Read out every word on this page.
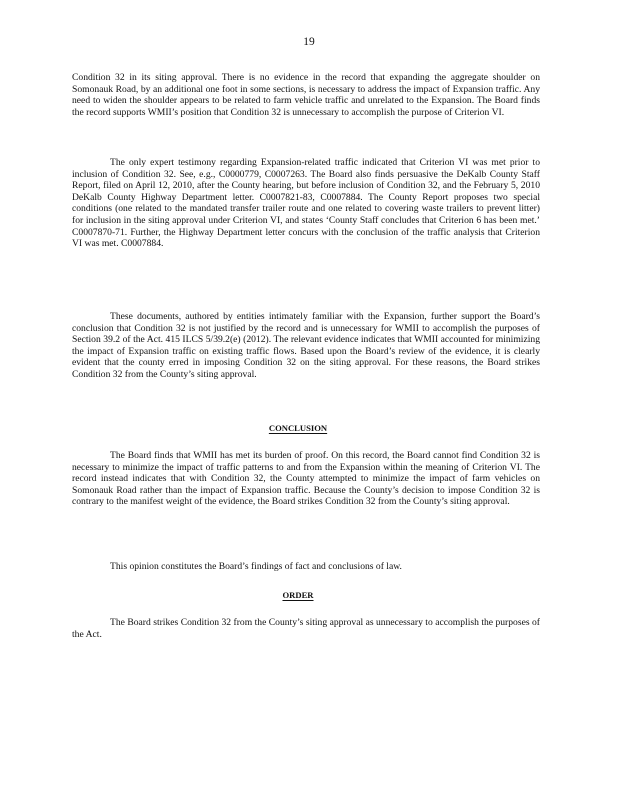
19

Condition 32 in its siting approval. There is no evidence in the record that expanding the aggregate shoulder on Somonauk Road, by an additional one foot in some sections, is necessary to address the impact of Expansion traffic. Any need to widen the shoulder appears to be related to farm vehicle traffic and unrelated to the Expansion. The Board finds the record supports WMII’s position that Condition 32 is unnecessary to accomplish the purpose of Criterion VI.

The only expert testimony regarding Expansion-related traffic indicated that Criterion VI was met prior to inclusion of Condition 32. See, e.g., C0000779, C0007263. The Board also finds persuasive the DeKalb County Staff Report, filed on April 12, 2010, after the County hearing, but before inclusion of Condition 32, and the February 5, 2010 DeKalb County Highway Department letter. C0007821-83, C0007884. The County Report proposes two special conditions (one related to the mandated transfer trailer route and one related to covering waste trailers to prevent litter) for inclusion in the siting approval under Criterion VI, and states ‘County Staff concludes that Criterion 6 has been met.’ C0007870-71. Further, the Highway Department letter concurs with the conclusion of the traffic analysis that Criterion VI was met. C0007884.

These documents, authored by entities intimately familiar with the Expansion, further support the Board’s conclusion that Condition 32 is not justified by the record and is unnecessary for WMII to accomplish the purposes of Section 39.2 of the Act. 415 ILCS 5/39.2(e) (2012). The relevant evidence indicates that WMII accounted for minimizing the impact of Expansion traffic on existing traffic flows. Based upon the Board’s review of the evidence, it is clearly evident that the county erred in imposing Condition 32 on the siting approval. For these reasons, the Board strikes Condition 32 from the County’s siting approval.

CONCLUSION

The Board finds that WMII has met its burden of proof. On this record, the Board cannot find Condition 32 is necessary to minimize the impact of traffic patterns to and from the Expansion within the meaning of Criterion VI. The record instead indicates that with Condition 32, the County attempted to minimize the impact of farm vehicles on Somonauk Road rather than the impact of Expansion traffic. Because the County’s decision to impose Condition 32 is contrary to the manifest weight of the evidence, the Board strikes Condition 32 from the County’s siting approval.

This opinion constitutes the Board’s findings of fact and conclusions of law.

ORDER

The Board strikes Condition 32 from the County’s siting approval as unnecessary to accomplish the purposes of the Act.
